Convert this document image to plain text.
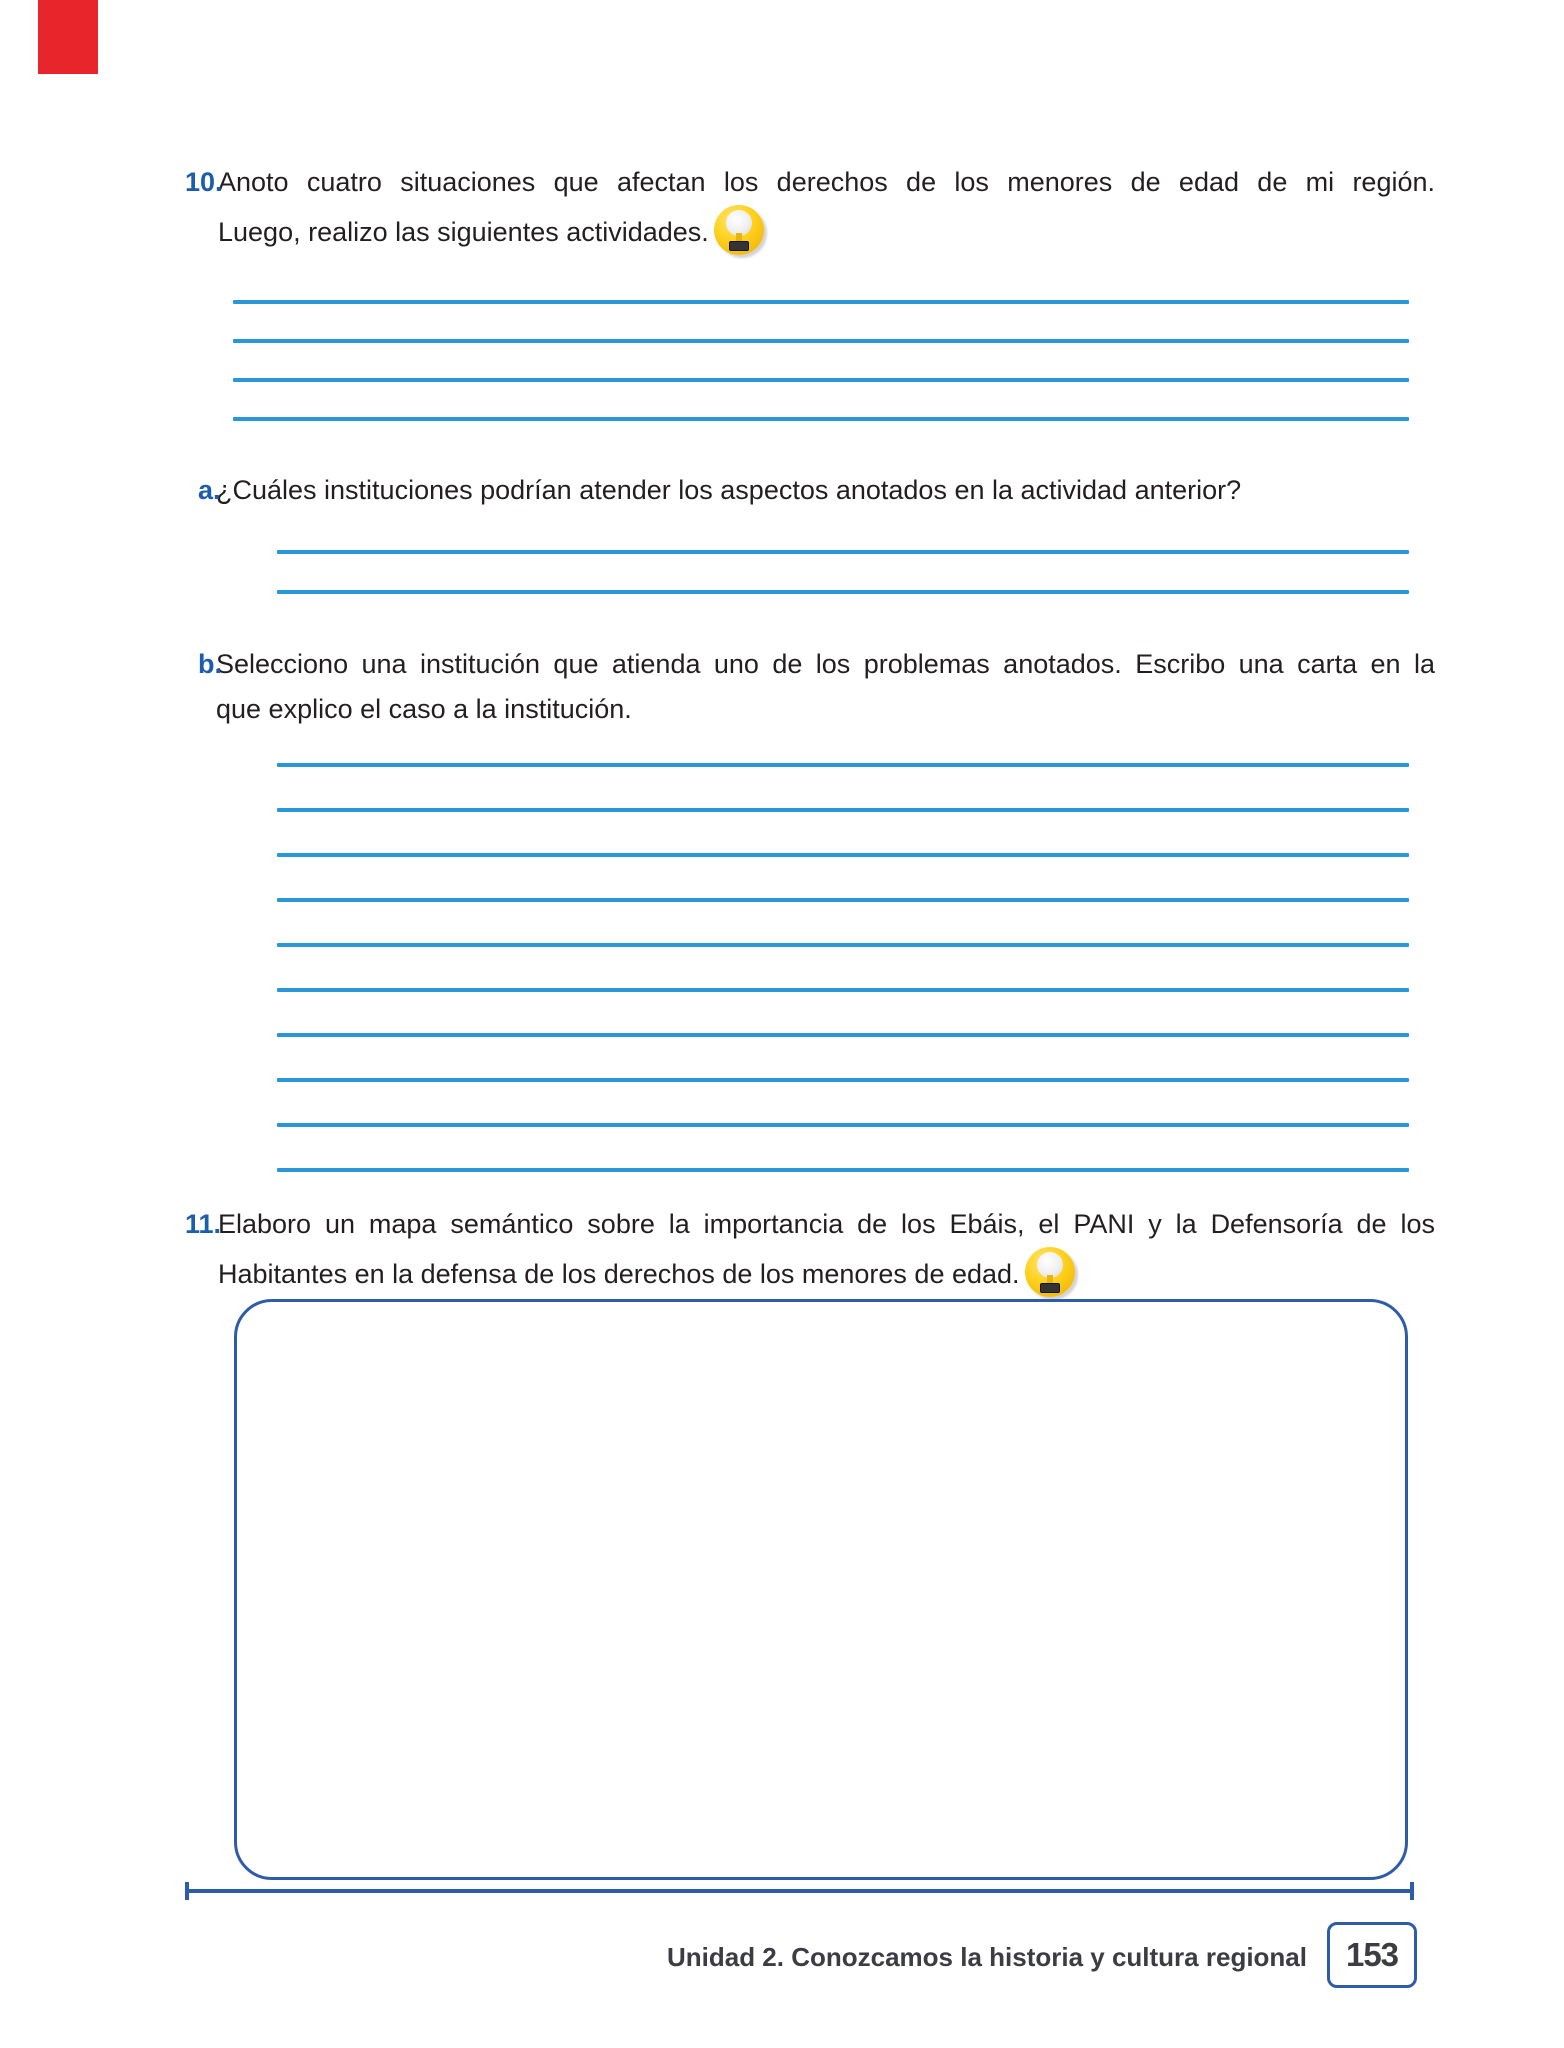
10.
Anoto cuatro situaciones que afectan los derechos de los menores de edad de mi región.
Luego, realizo las siguientes actividades.
a.
¿Cuáles instituciones podrían atender los aspectos anotados en la actividad anterior?
b.
Selecciono una institución que atienda uno de los problemas anotados. Escribo una carta en la
que explico el caso a la institución.
11.
Elaboro un mapa semántico sobre la importancia de los Ebáis, el PANI y la Defensoría de los
Habitantes en la defensa de los derechos de los menores de edad.
Unidad 2. Conozcamos la historia y cultura regional 153
